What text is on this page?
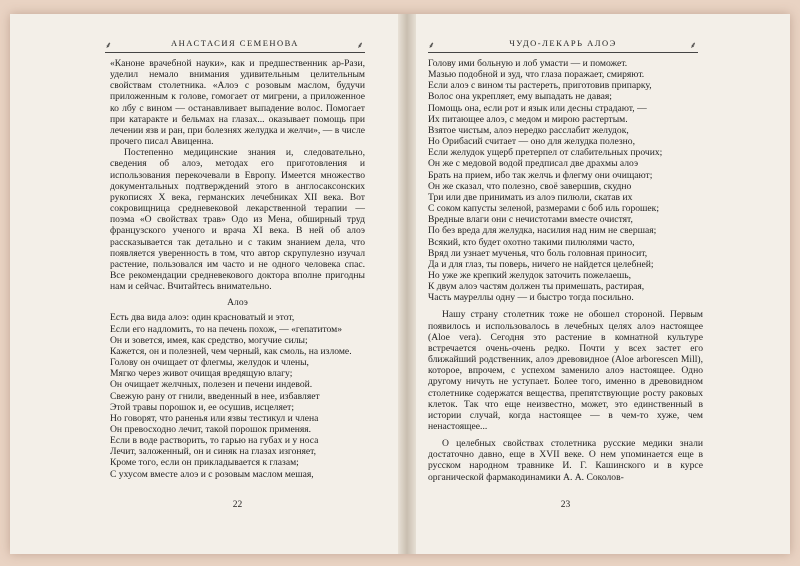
⸙	АНАСТАСИЯ СЕМЕНОВА	⸙

«Каноне врачебной науки», как и предшественник ар-Рази, уделил немало внимания удивительным целительным свойствам столетника. «Алоэ с розовым маслом, будучи приложенным к голове, гомогает от мигрени, а приложенное ко лбу с вином — останавливает выпадение волос. Помогает при катаракте и бельмах на глазах... оказывает помощь при лечении язв и ран, при болезнях желудка и желчи», — в числе прочего писал Авиценна.

Постепенно медицинские знания и, следовательно, сведения об алоэ, методах его приготовления и использования перекочевали в Европу. Имеется множество документальных подтверждений этого в англосаксонских рукописях X века, германских лечебниках XII века. Вот сокровищница средневековой лекарственной терапии — поэма «О свойствах трав» Одо из Мена, обширный труд французского ученого и врача XI века. В ней об алоэ рассказывается так детально и с таким знанием дела, что появляется уверенность в том, что автор скрупулезно изучал растение, пользовался им часто и не одного человека спас. Все рекомендации средневекового доктора вполне пригодны нам и сейчас. Вчитайтесь внимательно.

Алоэ
Есть два вида алоэ: один красноватый и этот,
Если его надломить, то на печень похож, — «гепатитом»
Он и зовется, имея, как средство, могучие силы;
Кажется, он и полезней, чем черный, как смоль, на изломе.
Голову он очищает от флегмы, желудок и члены,
Мягко через живот очищая вредящую влагу;
Он очищает желчных, полезен и печени индевой.
Свежую рану от гнили, введенный в нее, избавляет
Этой травы порошок и, ее осушив, исцеляет;
Но говорят, что раненья или язвы тестикул и члена
Он превосходно лечит, такой порошок применяя.
Если в воде растворить, то гарью на губах и у носа
Лечит, заложенный, он и синяк на глазах изгоняет,
Кроме того, если он прикладывается к глазам;
С ухусом вместе алоэ и с розовым маслом мешая,
22
⸙	ЧУДО-ЛЕКАРЬ АЛОЭ	⸙
Голову ими больную и лоб умасти — и поможет.
Мазью подобной и зуд, что глаза поражает, смиряют.
Если алоэ с вином ты растереть, приготовив припарку,
Волос она укрепляет, ему выпадать не давая;
Помощь она, если рот и язык или десны страдают, —
Их питающее алоэ, с медом и мирою растертым.
Взятое чистым, алоэ нередко расслабит желудок,
Но Орибасий считает — оно для желудка полезно,
Если желудок ущерб претерпел от слабительных прочих;
Он же с медовой водой предписал две драхмы алоэ
Брать на прием, ибо так желчь и флегму они очищают;
Он же сказал, что полезно, своё завершив, скудно
Три или две принимать из алоэ пилюли, скатав их
С соком капусты зеленой, размерами с боб иль горошек;
Вредные влаги они с нечистотами вместе очистят,
По без вреда для желудка, насилия над ним не свершая;
Всякий, кто будет охотно такими пилюлями часто,
Вряд ли узнает мученья, что боль головная приносит,
Да и для глаз, ты поверь, ничего не найдется целебней;
Но уже же крепкий желудок заточить пожелаешь,
К двум алоэ частям должен ты примешать, растирая,
Часть мауреллы одну — и быстро тогда посильно.

Нашу страну столетник тоже не обошел стороной. Первым появилось и использовалось в лечебных целях алоэ настоящее (Aloe vera). Сегодня это растение в комнатной культуре встречается очень-очень редко. Почти у всех застет его ближайший родственник, алоэ древовидное (Aloe arborescen Mill), которое, впрочем, с успехом заменило алоэ настоящее. Одно другому ничуть не уступает. Более того, именно в древовидном столетнике содержатся вещества, препятствующие росту раковых клеток. Так что еще неизвестно, может, это единственный в истории случай, когда настоящее — в чем-то хуже, чем ненастоящее...

О целебных свойствах столетника русские медики знали достаточно давно, еще в XVII веке. О нем упоминается еще в русском народном травнике И. Г. Кашинского и в курсе органической фармакодинамики А. А. Соколов-

23
